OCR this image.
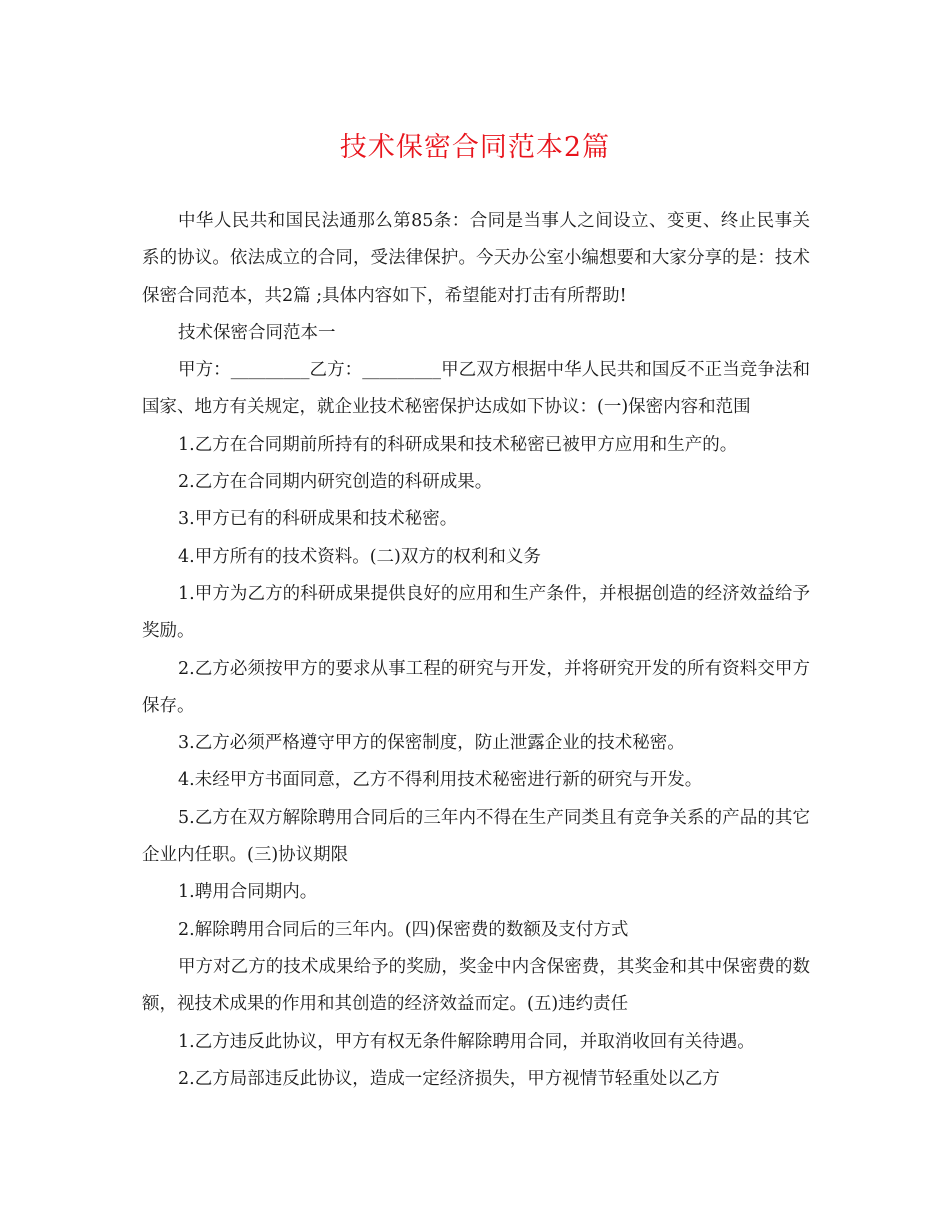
技术保密合同范本2篇

中华人民共和国民法通那么第85条：合同是当事人之间设立、变更、终止民事关系的协议。依法成立的合同，受法律保护。今天办公室小编想要和大家分享的是：技术保密合同范本，共2篇 ;具体内容如下，希望能对打击有所帮助!

技术保密合同范本一

甲方：_________乙方：_________甲乙双方根据中华人民共和国反不正当竞争法和国家、地方有关规定，就企业技术秘密保护达成如下协议：(一)保密内容和范围

1.乙方在合同期前所持有的科研成果和技术秘密已被甲方应用和生产的。

2.乙方在合同期内研究创造的科研成果。

3.甲方已有的科研成果和技术秘密。

4.甲方所有的技术资料。(二)双方的权利和义务

1.甲方为乙方的科研成果提供良好的应用和生产条件，并根据创造的经济效益给予奖励。

2.乙方必须按甲方的要求从事工程的研究与开发，并将研究开发的所有资料交甲方保存。

3.乙方必须严格遵守甲方的保密制度，防止泄露企业的技术秘密。

4.未经甲方书面同意，乙方不得利用技术秘密进行新的研究与开发。

5.乙方在双方解除聘用合同后的三年内不得在生产同类且有竞争关系的产品的其它企业内任职。(三)协议期限

1.聘用合同期内。

2.解除聘用合同后的三年内。(四)保密费的数额及支付方式

甲方对乙方的技术成果给予的奖励，奖金中内含保密费，其奖金和其中保密费的数额，视技术成果的作用和其创造的经济效益而定。(五)违约责任

1.乙方违反此协议，甲方有权无条件解除聘用合同，并取消收回有关待遇。

2.乙方局部违反此协议，造成一定经济损失，甲方视情节轻重处以乙方
